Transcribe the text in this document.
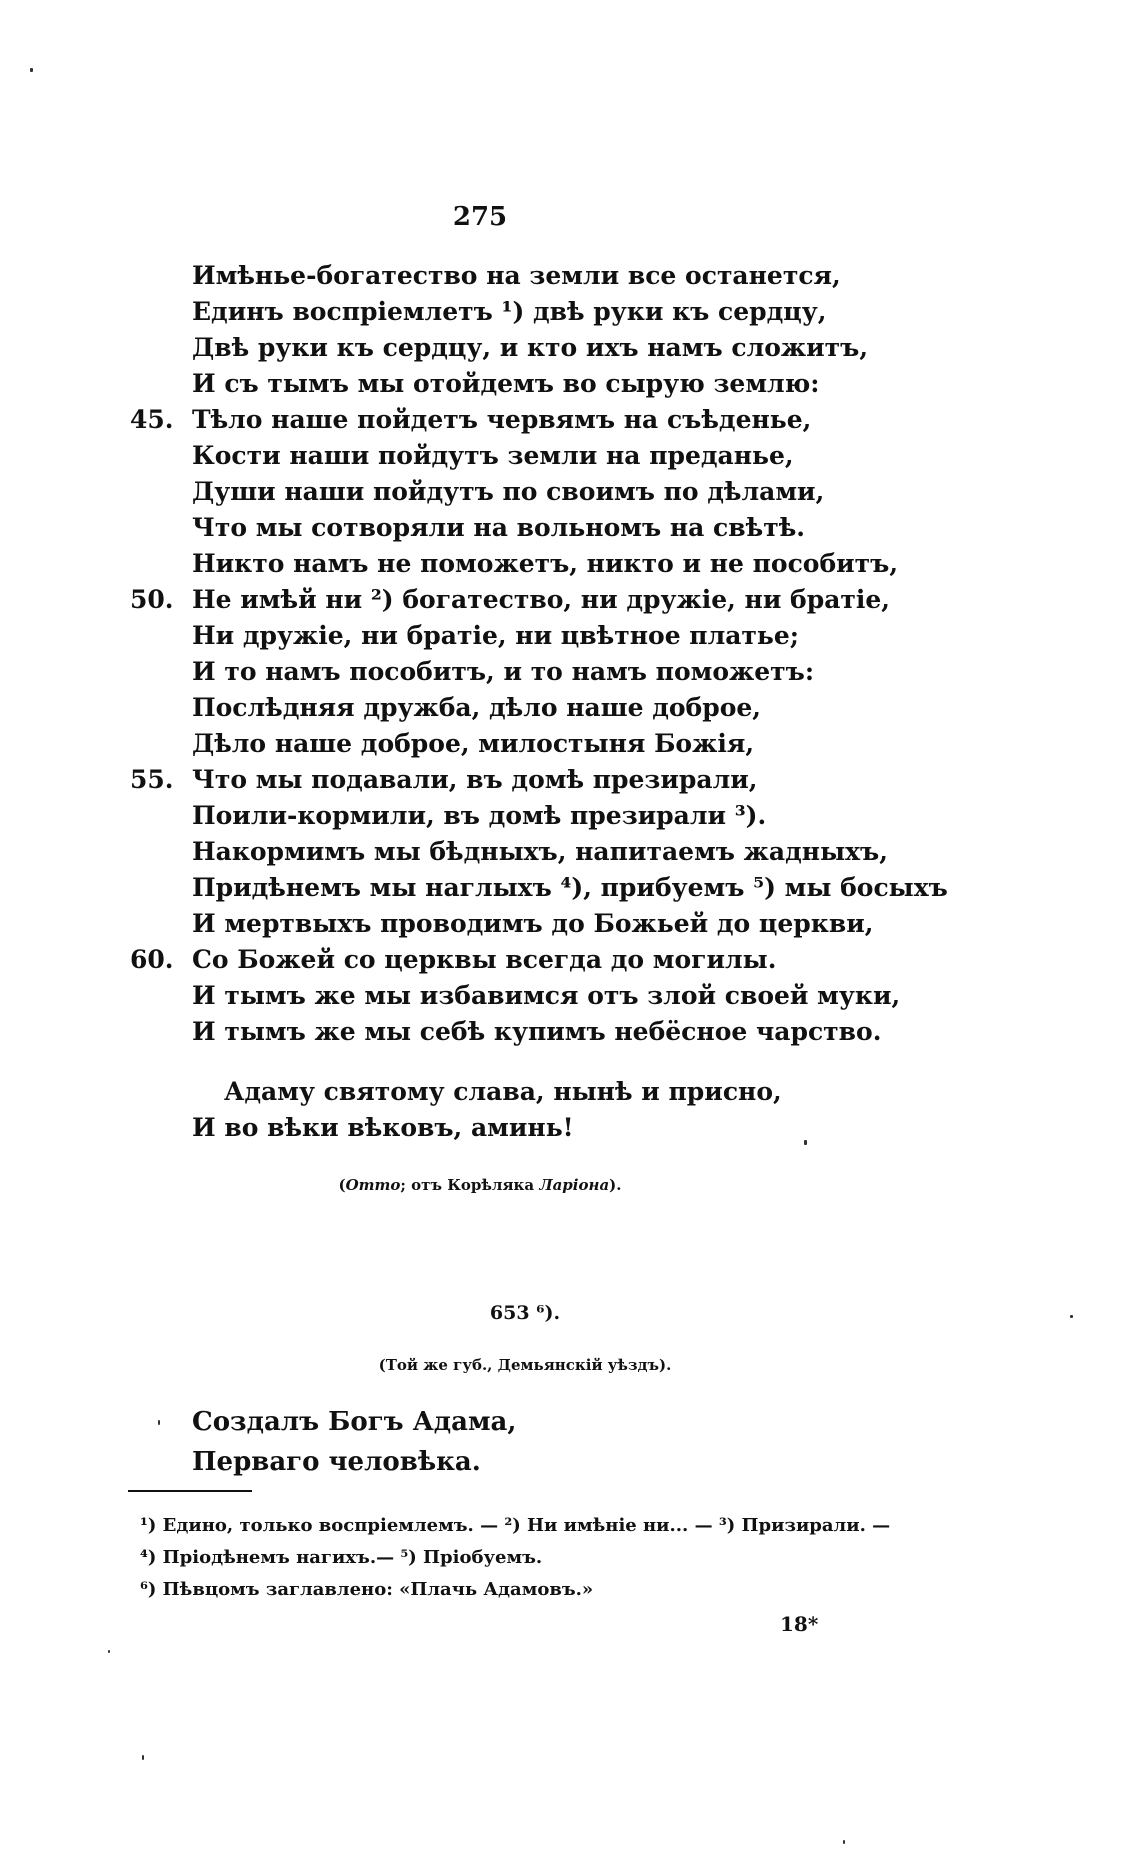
275
Имѣнье-богатество на земли все останется,
Единъ воспріемлетъ ¹) двѣ руки къ сердцу,
Двѣ руки къ сердцу, и кто ихъ намъ сложитъ,
И съ тымъ мы отойдемъ во сырую землю:
45. Тѣло наше пойдетъ червямъ на съѣденье,
Кости наши пойдутъ земли на преданье,
Души наши пойдутъ по своимъ по дѣлами,
Что мы сотворяли на вольномъ на свѣтѣ.
Никто намъ не поможетъ, никто и не пособитъ,
50. Не имѣй ни ²) богатество, ни дружіе, ни братіе,
Ни дружіе, ни братіе, ни цвѣтное платье;
И то намъ пособитъ, и то намъ поможетъ:
Послѣдняя дружба, дѣло наше доброе,
Дѣло наше доброе, милостыня Божія,
55. Что мы подавали, въ домѣ презирали,
Поили-кормили, въ домѣ презирали ³).
Накормимъ мы бѣдныхъ, напитаемъ жадныхъ,
Придѣнемъ мы наглыхъ ⁴), прибуемъ ⁵) мы босыхъ
И мертвыхъ проводимъ до Божьей до церкви,
60. Со Божей со церквы всегда до могилы.
И тымъ же мы избавимся отъ злой своей муки,
И тымъ же мы себѣ купимъ небёсное чарство.
Адаму святому слава, нынѣ и присно,
И во вѣки вѣковъ, аминь!
(Отто; отъ Корѣляка Ларіона).
653 ⁶).
(Той же губ., Демьянскій уѣздъ).
Создалъ Богъ Адама,
Перваго человѣка.
¹) Едино, только воспріемлемъ. — ²) Ни имѣніе ни... — ³) Призирали. —
⁴) Пріодѣнемъ нагихъ.— ⁵) Пріобуемъ.
⁶) Пѣвцомъ заглавлено: «Плачь Адамовъ.»
18*
